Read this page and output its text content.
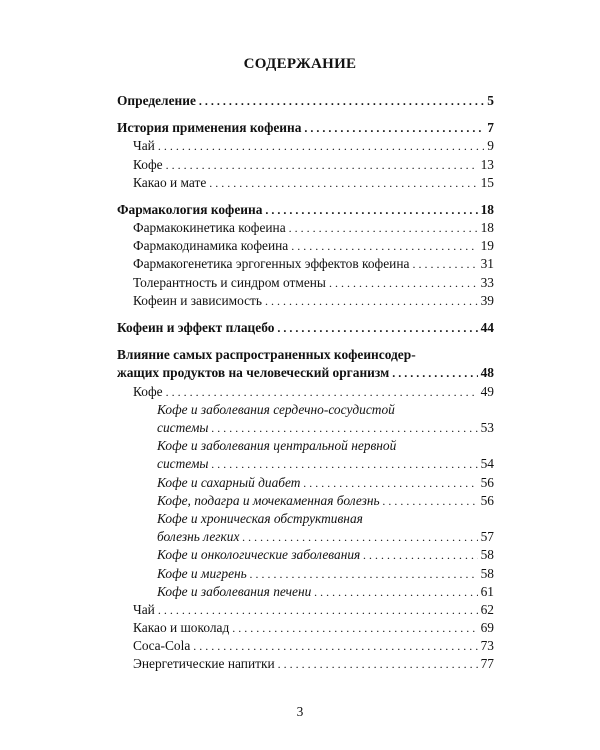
СОДЕРЖАНИЕ
Определение . . .	5
История применения кофеина . . .	7
Чай . . .	9
Кофе . . .	13
Какао и мате . . .	15
Фармакология кофеина . . .	18
Фармакокинетика кофеина . . .	18
Фармакодинамика кофеина . . .	19
Фармакогенетика эргогенных эффектов кофеина . . .	31
Толерантность и синдром отмены . . .	33
Кофеин и зависимость . . .	39
Кофеин и эффект плацебо . . .	44
Влияние самых распространенных кофеинсодер-
жащих продуктов на человеческий организм . . .	48
Кофе . . .	49
Кофе и заболевания сердечно-сосудистой
системы . . .	53
Кофе и заболевания центральной нервной
системы . . .	54
Кофе и сахарный диабет . . .	56
Кофе, подагра и мочекаменная болезнь . . .	56
Кофе и хроническая обструктивная
болезнь легких . . .	57
Кофе и онкологические заболевания . . .	58
Кофе и мигрень . . .	58
Кофе и заболевания печени . . .	61
Чай . . .	62
Какао и шоколад . . .	69
Coca-Cola . . .	73
Энергетические напитки . . .	77
3
